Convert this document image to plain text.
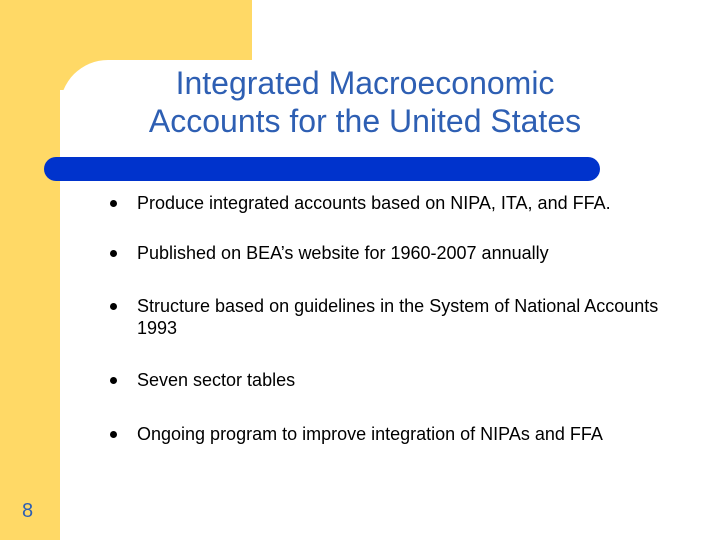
Integrated Macroeconomic
Accounts for the United States
Produce integrated accounts based on NIPA, ITA, and FFA.
Published on BEA’s website for 1960-2007 annually
Structure based on guidelines in the System of National Accounts 1993
Seven sector tables
Ongoing program to improve integration of NIPAs and FFA
8
